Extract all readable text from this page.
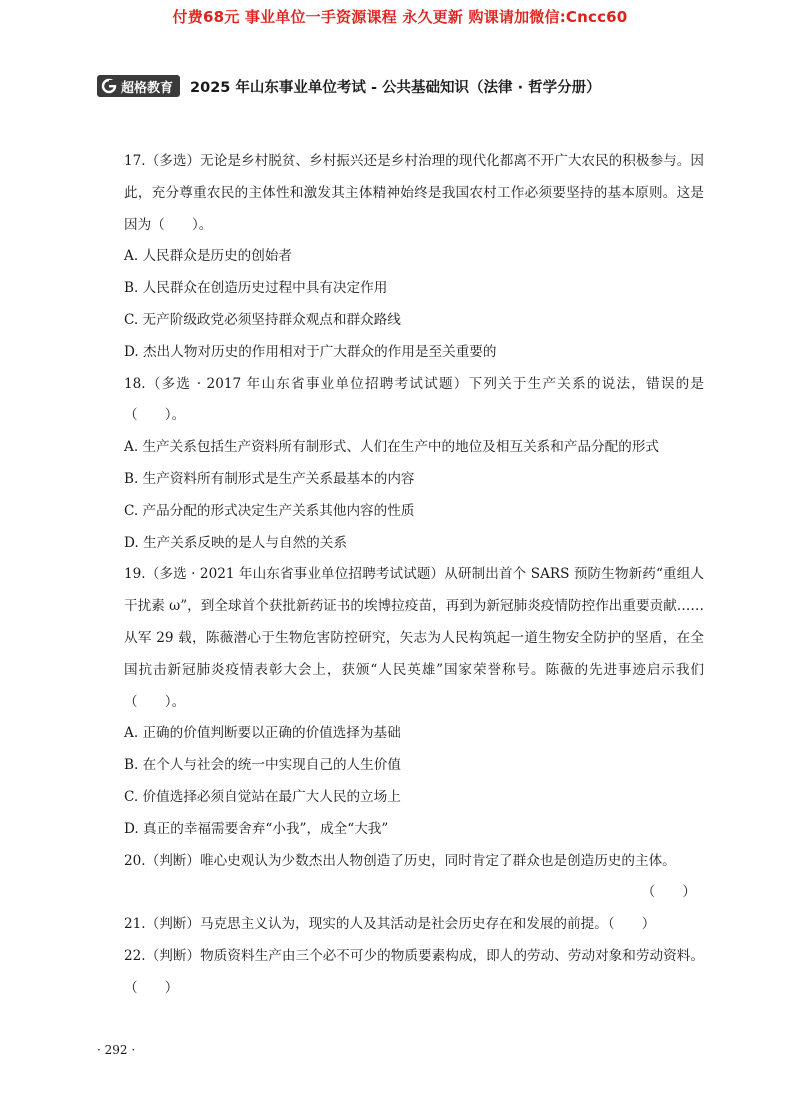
付费68元 事业单位一手资源课程 永久更新 购课请加微信:Cncc60
超格教育 2025 年山东事业单位考试 - 公共基础知识（法律 · 哲学分册）
17.（多选）无论是乡村脱贫、乡村振兴还是乡村治理的现代化都离不开广大农民的积极参与。因此，充分尊重农民的主体性和激发其主体精神始终是我国农村工作必须要坚持的基本原则。这是因为（　　）。
A. 人民群众是历史的创始者
B. 人民群众在创造历史过程中具有决定作用
C. 无产阶级政党必须坚持群众观点和群众路线
D. 杰出人物对历史的作用相对于广大群众的作用是至关重要的
18.（多选 · 2017 年山东省事业单位招聘考试试题）下列关于生产关系的说法，错误的是（　　）。
A. 生产关系包括生产资料所有制形式、人们在生产中的地位及相互关系和产品分配的形式
B. 生产资料所有制形式是生产关系最基本的内容
C. 产品分配的形式决定生产关系其他内容的性质
D. 生产关系反映的是人与自然的关系
19.（多选 · 2021 年山东省事业单位招聘考试试题）从研制出首个 SARS 预防生物新药“重组人干扰素 ω”，到全球首个获批新药证书的埃博拉疫苗，再到为新冠肺炎疫情防控作出重要贡献……从军 29 载，陈薇潜心于生物危害防控研究，矢志为人民构筑起一道生物安全防护的坚盾，在全国抗击新冠肺炎疫情表彰大会上，获颁“人民英雄”国家荣誉称号。陈薇的先进事迹启示我们（　　）。
A. 正确的价值判断要以正确的价值选择为基础
B. 在个人与社会的统一中实现自己的人生价值
C. 价值选择必须自觉站在最广大人民的立场上
D. 真正的幸福需要舍弃“小我”，成全“大我”
20.（判断）唯心史观认为少数杰出人物创造了历史，同时肯定了群众也是创造历史的主体。
（　　）
21.（判断）马克思主义认为，现实的人及其活动是社会历史存在和发展的前提。（　　）
22.（判断）物质资料生产由三个必不可少的物质要素构成，即人的劳动、劳动对象和劳动资料。（　　）
· 292 ·
